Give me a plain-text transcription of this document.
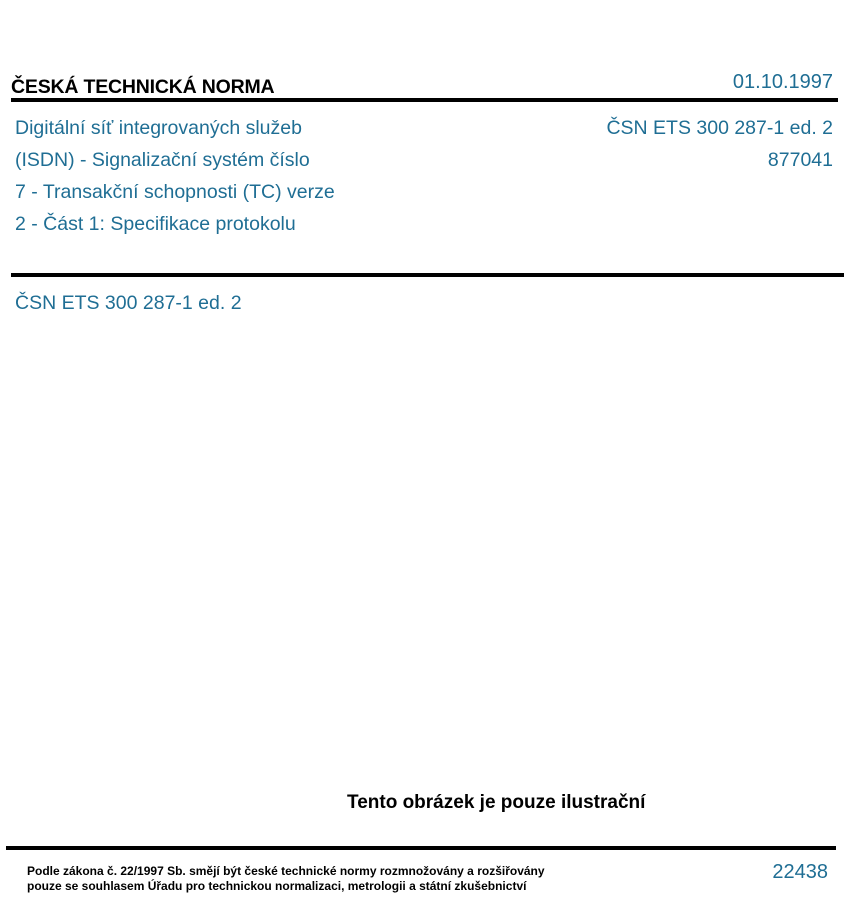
ČESKÁ TECHNICKÁ NORMA	01.10.1997
Digitální síť integrovaných služeb
(ISDN) - Signalizační systém číslo
7 - Transakční schopnosti (TC) verze
2 - Část 1: Specifikace protokolu
ČSN ETS 300 287-1 ed. 2
877041
ČSN ETS 300 287-1 ed. 2
Tento obrázek je pouze ilustrační
Podle zákona č. 22/1997 Sb. smějí být české technické normy rozmnožovány a rozšiřovány
pouze se souhlasem Úřadu pro technickou normalizaci, metrologii a státní zkušebnictví
22438
